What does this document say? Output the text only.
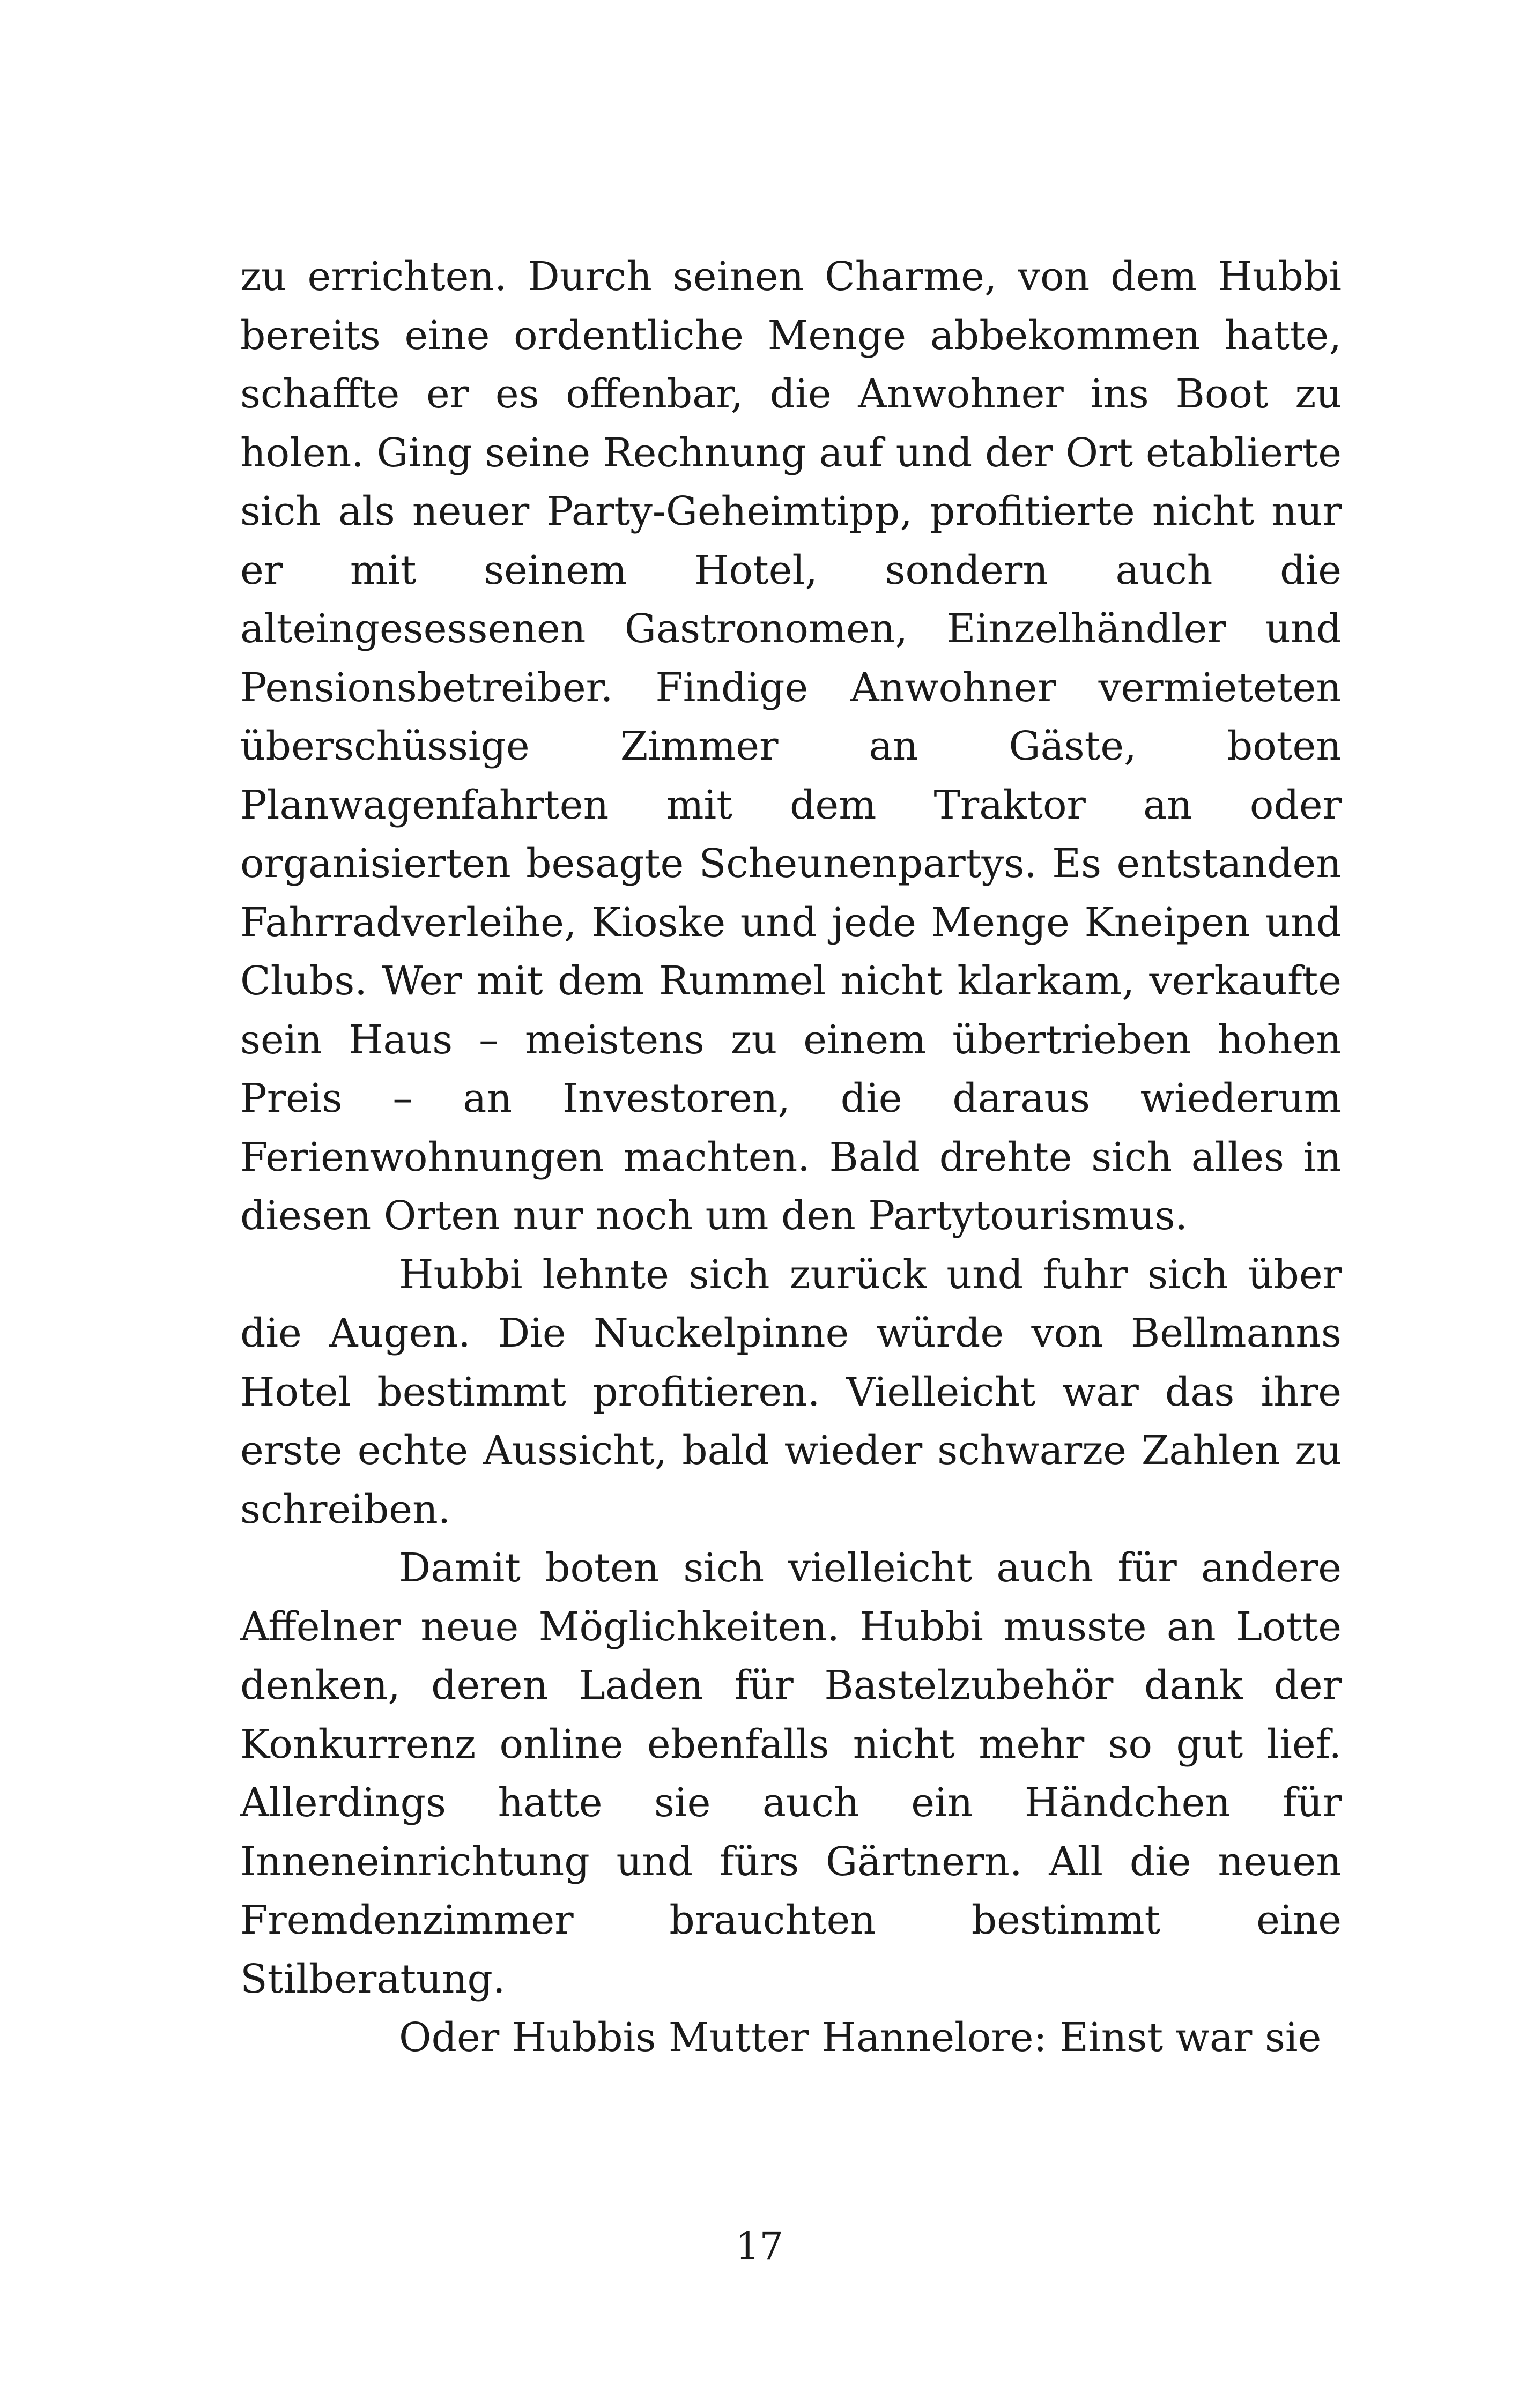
zu errichten. Durch seinen Charme, von dem Hubbi bereits eine ordentliche Menge abbekommen hatte, schaffte er es offenbar, die Anwohner ins Boot zu holen. Ging seine Rechnung auf und der Ort etablierte sich als neuer Party-Geheimtipp, profitierte nicht nur er mit seinem Hotel, sondern auch die alteingesessenen Gastronomen, Einzelhändler und Pensionsbetreiber. Findige Anwohner vermieteten überschüssige Zimmer an Gäste, boten Planwagenfahrten mit dem Traktor an oder organisierten besagte Scheunenpartys. Es entstanden Fahrradverleihe, Kioske und jede Menge Kneipen und Clubs. Wer mit dem Rummel nicht klarkam, verkaufte sein Haus – meistens zu einem übertrieben hohen Preis – an Investoren, die daraus wiederum Ferienwohnungen machten. Bald drehte sich alles in diesen Orten nur noch um den Partytourismus.

Hubbi lehnte sich zurück und fuhr sich über die Augen. Die Nuckelpinne würde von Bellmanns Hotel bestimmt profitieren. Vielleicht war das ihre erste echte Aussicht, bald wieder schwarze Zahlen zu schreiben.

Damit boten sich vielleicht auch für andere Affelner neue Möglichkeiten. Hubbi musste an Lotte denken, deren Laden für Bastelzubehör dank der Konkurrenz online ebenfalls nicht mehr so gut lief. Allerdings hatte sie auch ein Händchen für Inneneinrichtung und fürs Gärtnern. All die neuen Fremdenzimmer brauchten bestimmt eine Stilberatung.

Oder Hubbis Mutter Hannelore: Einst war sie

17
